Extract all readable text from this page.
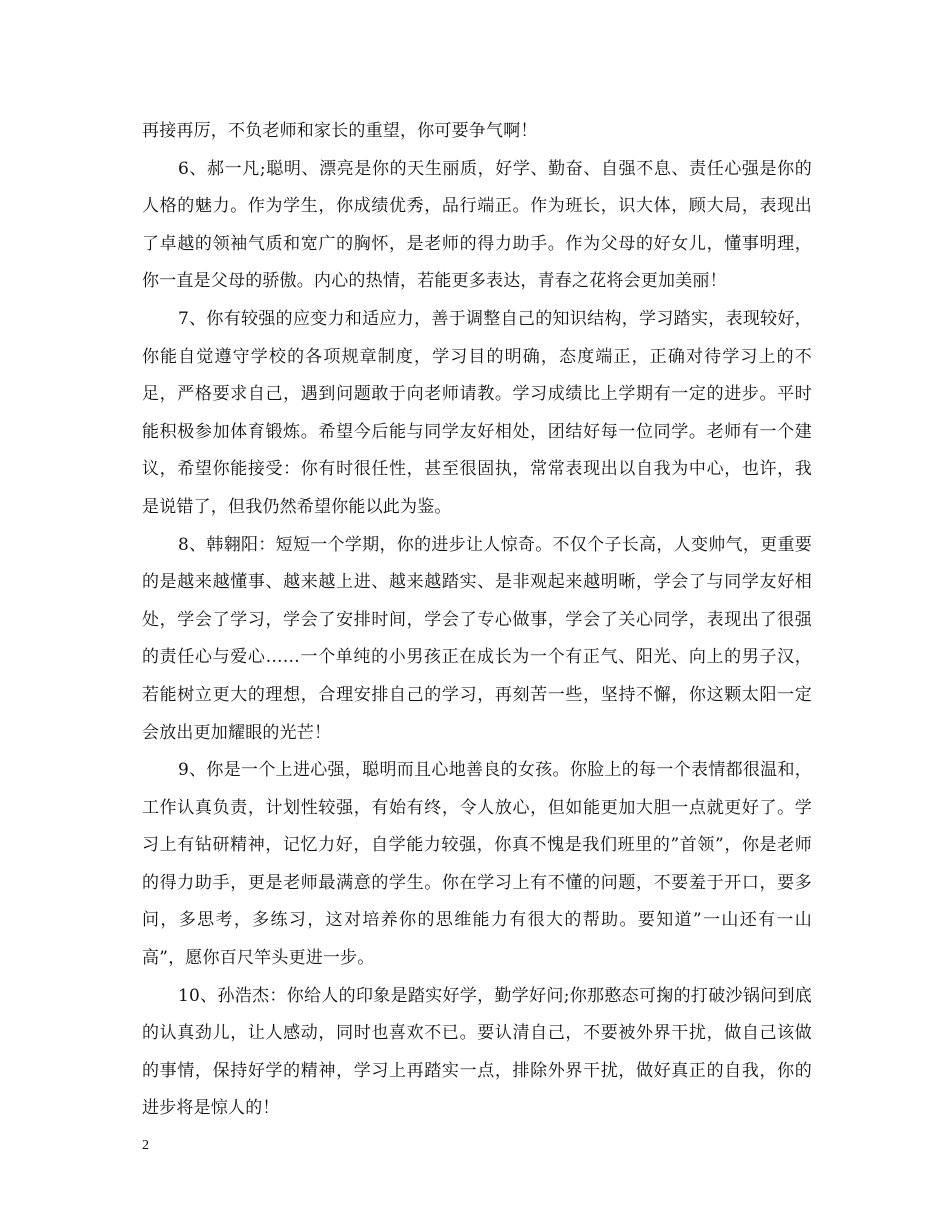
再接再厉，不负老师和家长的重望，你可要争气啊！

6、郝一凡;聪明、漂亮是你的天生丽质，好学、勤奋、自强不息、责任心强是你的人格的魅力。作为学生，你成绩优秀，品行端正。作为班长，识大体，顾大局，表现出了卓越的领袖气质和宽广的胸怀，是老师的得力助手。作为父母的好女儿，懂事明理，你一直是父母的骄傲。内心的热情，若能更多表达，青春之花将会更加美丽！

7、你有较强的应变力和适应力，善于调整自己的知识结构，学习踏实，表现较好，你能自觉遵守学校的各项规章制度，学习目的明确，态度端正，正确对待学习上的不足，严格要求自己，遇到问题敢于向老师请教。学习成绩比上学期有一定的进步。平时能积极参加体育锻炼。希望今后能与同学友好相处，团结好每一位同学。老师有一个建议，希望你能接受：你有时很任性，甚至很固执，常常表现出以自我为中心，也许，我是说错了，但我仍然希望你能以此为鉴。

8、韩翱阳：短短一个学期，你的进步让人惊奇。不仅个子长高，人变帅气，更重要的是越来越懂事、越来越上进、越来越踏实、是非观起来越明晰，学会了与同学友好相处，学会了学习，学会了安排时间，学会了专心做事，学会了关心同学，表现出了很强的责任心与爱心……一个单纯的小男孩正在成长为一个有正气、阳光、向上的男子汉，若能树立更大的理想，合理安排自己的学习，再刻苦一些，坚持不懈，你这颗太阳一定会放出更加耀眼的光芒！

9、你是一个上进心强，聪明而且心地善良的女孩。你脸上的每一个表情都很温和，工作认真负责，计划性较强，有始有终，令人放心，但如能更加大胆一点就更好了。学习上有钻研精神，记忆力好，自学能力较强，你真不愧是我们班里的”首领”，你是老师的得力助手，更是老师最满意的学生。你在学习上有不懂的问题，不要羞于开口，要多问，多思考，多练习，这对培养你的思维能力有很大的帮助。要知道”一山还有一山高”，愿你百尺竿头更进一步。

10、孙浩杰：你给人的印象是踏实好学，勤学好问;你那憨态可掬的打破沙锅问到底的认真劲儿，让人感动，同时也喜欢不已。要认清自己，不要被外界干扰，做自己该做的事情，保持好学的精神，学习上再踏实一点，排除外界干扰，做好真正的自我，你的进步将是惊人的！

2
